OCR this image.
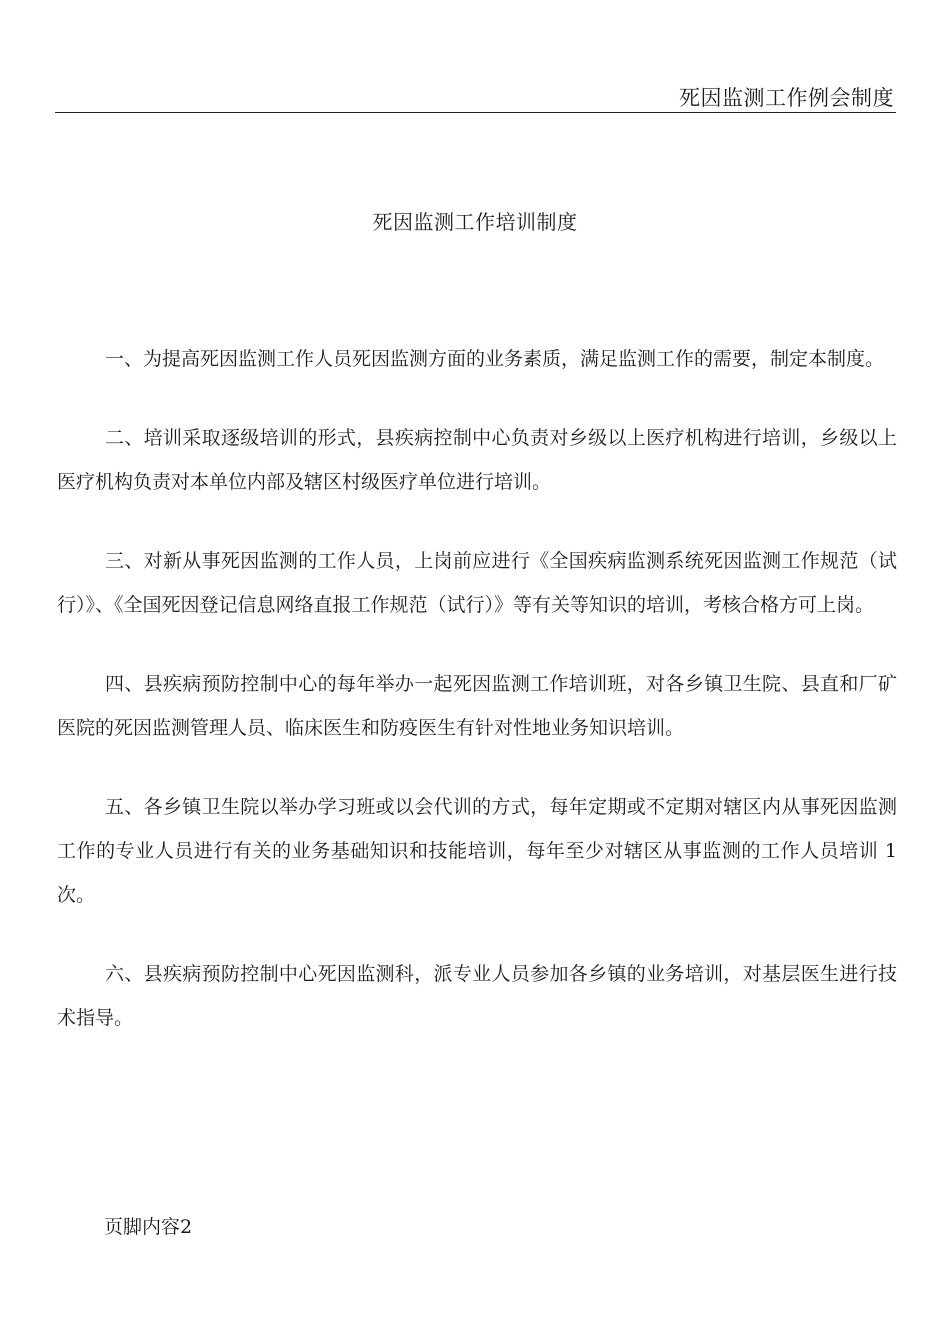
死因监测工作例会制度
死因监测工作培训制度

一、为提高死因监测工作人员死因监测方面的业务素质，满足监测工作的需要，制定本制度。

二、培训采取逐级培训的形式，县疾病控制中心负责对乡级以上医疗机构进行培训，乡级以上医疗机构负责对本单位内部及辖区村级医疗单位进行培训。

三、对新从事死因监测的工作人员，上岗前应进行《全国疾病监测系统死因监测工作规范（试行）》、《全国死因登记信息网络直报工作规范（试行）》等有关等知识的培训，考核合格方可上岗。

四、县疾病预防控制中心的每年举办一起死因监测工作培训班，对各乡镇卫生院、县直和厂矿医院的死因监测管理人员、临床医生和防疫医生有针对性地业务知识培训。

五、各乡镇卫生院以举办学习班或以会代训的方式，每年定期或不定期对辖区内从事死因监测工作的专业人员进行有关的业务基础知识和技能培训，每年至少对辖区从事监测的工作人员培训 1 次。

六、县疾病预防控制中心死因监测科，派专业人员参加各乡镇的业务培训，对基层医生进行技术指导。

页脚内容2
